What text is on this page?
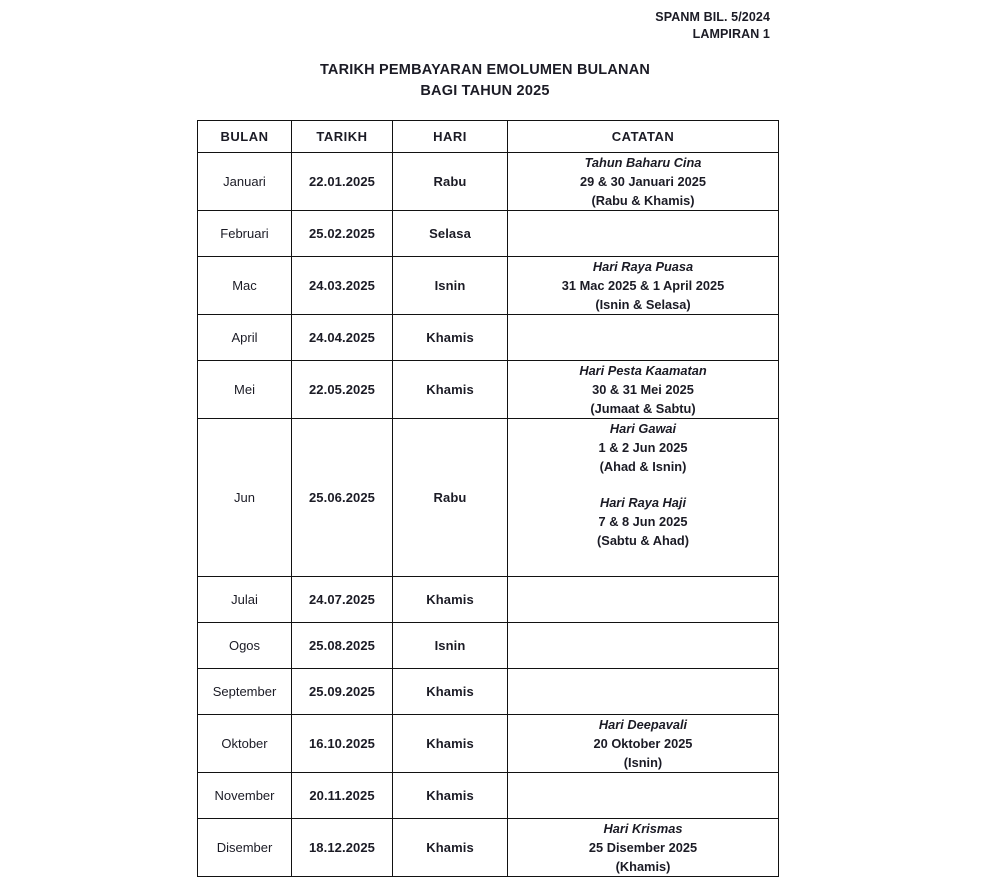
SPANM BIL. 5/2024
LAMPIRAN 1
TARIKH PEMBAYARAN EMOLUMEN BULANAN
BAGI TAHUN 2025
BULAN	TARIKH	HARI	CATATAN
Januari	22.01.2025	Rabu	Tahun Baharu Cina
29 & 30 Januari 2025
(Rabu & Khamis)

Februari	25.02.2025	Selasa	
Mac	24.03.2025	Isnin	Hari Raya Puasa
31 Mac 2025 & 1 April 2025
(Isnin & Selasa)

April	24.04.2025	Khamis	
Mei	22.05.2025	Khamis	Hari Pesta Kaamatan
30 & 31 Mei 2025
(Jumaat & Sabtu)

Jun	25.06.2025	Rabu	
Hari Gawai
1 & 2 Jun 2025
(Ahad & Isnin)
Hari Raya Haji
7 & 8 Jun 2025
(Sabtu & Ahad)

Julai	24.07.2025	Khamis	
Ogos	25.08.2025	Isnin	
September	25.09.2025	Khamis	
Oktober	16.10.2025	Khamis	Hari Deepavali
20 Oktober 2025
(Isnin)

November	20.11.2025	Khamis	
Disember	18.12.2025	Khamis	Hari Krismas
25 Disember 2025
(Khamis)
